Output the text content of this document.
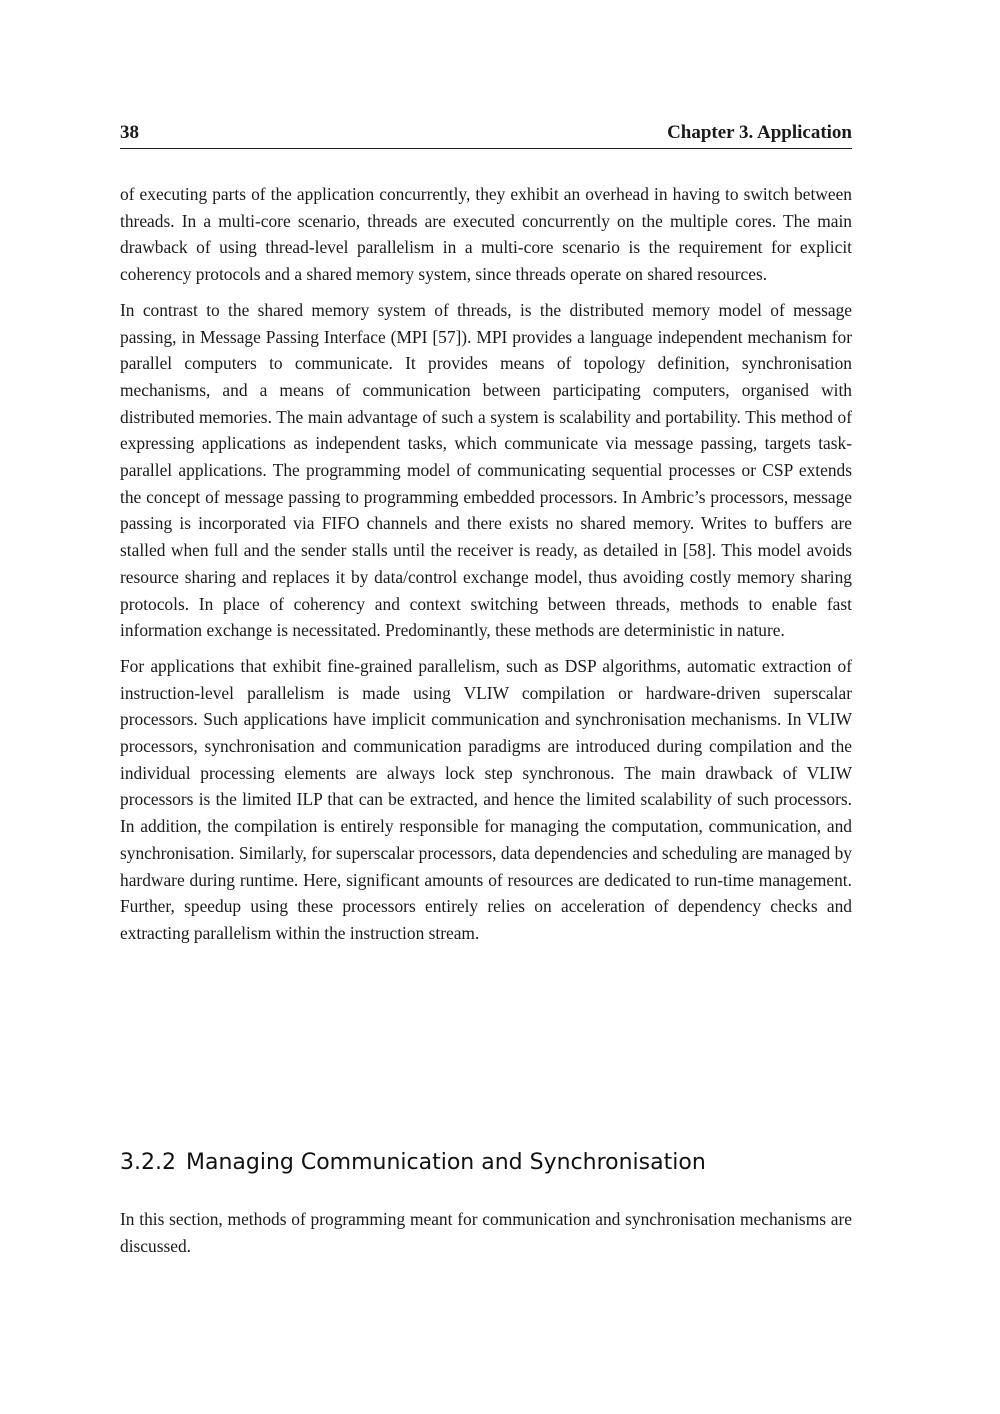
38	Chapter 3. Application

of executing parts of the application concurrently, they exhibit an overhead in having to switch between threads. In a multi-core scenario, threads are executed concurrently on the multiple cores. The main drawback of using thread-level parallelism in a multi-core scenario is the requirement for explicit coherency protocols and a shared memory system, since threads operate on shared resources.

In contrast to the shared memory system of threads, is the distributed memory model of message passing, in Message Passing Interface (MPI [57]). MPI provides a language independent mechanism for parallel computers to communicate. It provides means of topology definition, synchronisation mechanisms, and a means of communication between participating computers, organised with distributed memories. The main advantage of such a system is scalability and portability. This method of expressing applications as independent tasks, which communicate via message passing, targets task-parallel applications. The programming model of communicating sequential processes or CSP extends the concept of message passing to programming embedded processors. In Ambric’s processors, message passing is incorporated via FIFO channels and there exists no shared memory. Writes to buffers are stalled when full and the sender stalls until the receiver is ready, as detailed in [58]. This model avoids resource sharing and replaces it by data/control exchange model, thus avoiding costly memory sharing protocols. In place of coherency and context switching between threads, methods to enable fast information exchange is necessitated. Predominantly, these methods are deterministic in nature.

For applications that exhibit fine-grained parallelism, such as DSP algorithms, automatic extraction of instruction-level parallelism is made using VLIW compilation or hardware-driven superscalar processors. Such applications have implicit communication and synchronisation mechanisms. In VLIW processors, synchronisation and communication paradigms are introduced during compilation and the individual processing elements are always lock step synchronous. The main drawback of VLIW processors is the limited ILP that can be extracted, and hence the limited scalability of such processors. In addition, the compilation is entirely responsible for managing the computation, communication, and synchronisation. Similarly, for superscalar processors, data dependencies and scheduling are managed by hardware during runtime. Here, significant amounts of resources are dedicated to run-time management. Further, speedup using these processors entirely relies on acceleration of dependency checks and extracting parallelism within the instruction stream.

3.2.2 Managing Communication and Synchronisation

In this section, methods of programming meant for communication and synchronisation mechanisms are discussed.
